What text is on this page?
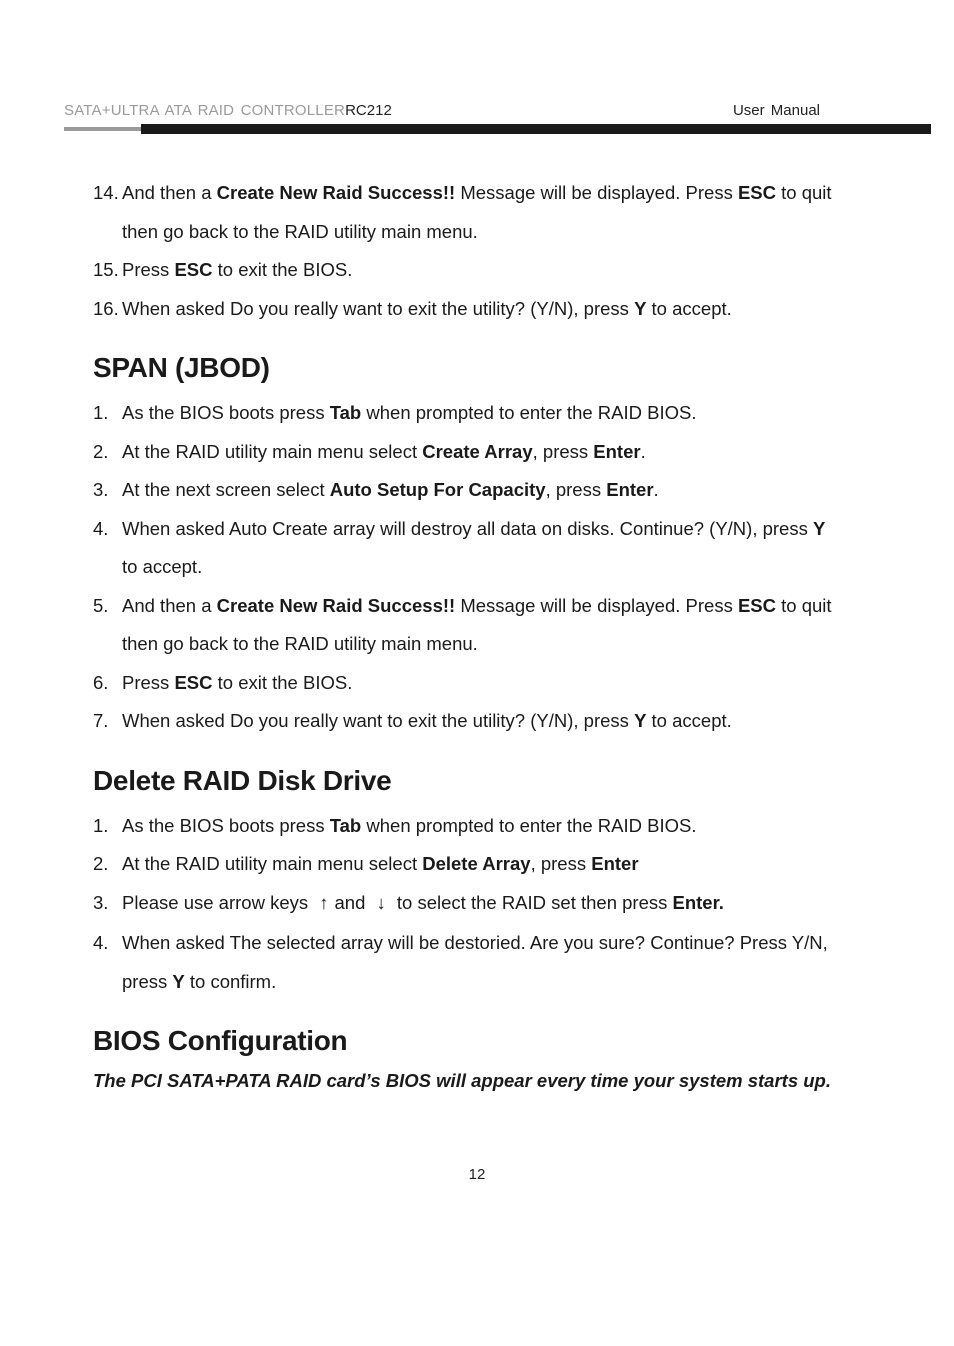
SATA+ULTRA ATA RAID CONTROLLERRC212	User Manual
14. And then a Create New Raid Success!! Message will be displayed. Press ESC to quit
then go back to the RAID utility main menu.
15. Press ESC to exit the BIOS.
16. When asked Do you really want to exit the utility? (Y/N), press Y to accept.
SPAN (JBOD)
1. As the BIOS boots press Tab when prompted to enter the RAID BIOS.
2. At the RAID utility main menu select Create Array, press Enter.
3. At the next screen select Auto Setup For Capacity, press Enter.
4. When asked Auto Create array will destroy all data on disks. Continue? (Y/N), press Y
to accept.
5. And then a Create New Raid Success!! Message will be displayed. Press ESC to quit
then go back to the RAID utility main menu.
6. Press ESC to exit the BIOS.
7. When asked Do you really want to exit the utility? (Y/N), press Y to accept.
Delete RAID Disk Drive
1. As the BIOS boots press Tab when prompted to enter the RAID BIOS.
2. At the RAID utility main menu select Delete Array, press Enter
3. Please use arrow keys ↑ and ↓ to select the RAID set then press Enter.
4. When asked The selected array will be destoried. Are you sure? Continue? Press Y/N,
press Y to confirm.
BIOS Configuration
The PCI SATA+PATA RAID card’s BIOS will appear every time your system starts up.
12
